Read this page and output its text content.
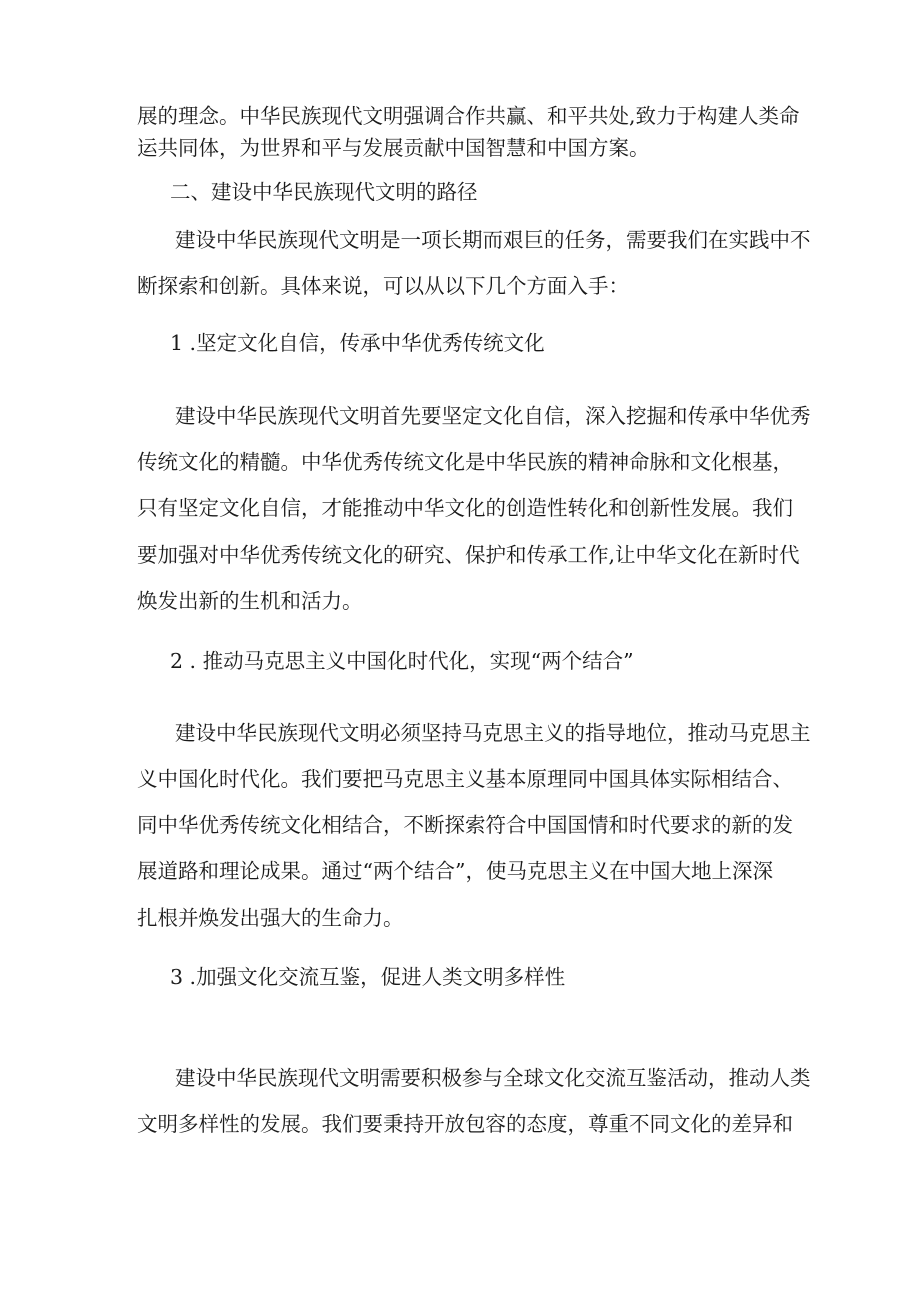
展的理念。中华民族现代文明强调合作共赢、和平共处,致力于构建人类命

运共同体，为世界和平与发展贡献中国智慧和中国方案。

二、建设中华民族现代文明的路径

建设中华民族现代文明是一项长期而艰巨的任务，需要我们在实践中不

断探索和创新。具体来说，可以从以下几个方面入手：

1 .坚定文化自信，传承中华优秀传统文化

建设中华民族现代文明首先要坚定文化自信，深入挖掘和传承中华优秀

传统文化的精髓。中华优秀传统文化是中华民族的精神命脉和文化根基，

只有坚定文化自信，才能推动中华文化的创造性转化和创新性发展。我们

要加强对中华优秀传统文化的研究、保护和传承工作,让中华文化在新时代

焕发出新的生机和活力。

2 . 推动马克思主义中国化时代化，实现“两个结合”

建设中华民族现代文明必须坚持马克思主义的指导地位，推动马克思主

义中国化时代化。我们要把马克思主义基本原理同中国具体实际相结合、

同中华优秀传统文化相结合，不断探索符合中国国情和时代要求的新的发

展道路和理论成果。通过“两个结合”，使马克思主义在中国大地上深深

扎根并焕发出强大的生命力。

3 .加强文化交流互鉴，促进人类文明多样性

建设中华民族现代文明需要积极参与全球文化交流互鉴活动，推动人类

文明多样性的发展。我们要秉持开放包容的态度，尊重不同文化的差异和
